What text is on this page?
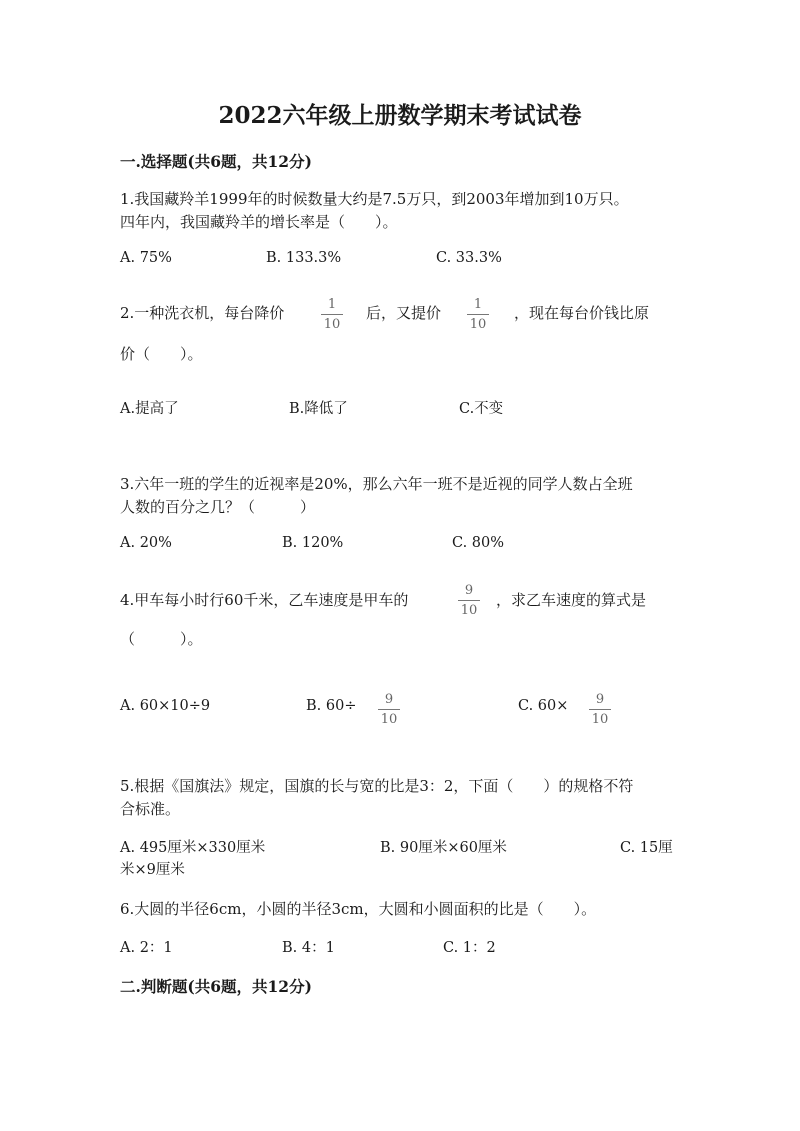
2022六年级上册数学期末考试试卷
一.选择题(共6题，共12分)
1.我国藏羚羊1999年的时候数量大约是7.5万只，到2003年增加到10万只。
四年内，我国藏羚羊的增长率是（　　）。
A. 75%	B. 133.3%	C. 33.3%
2.一种洗衣机，每台降价	1
10
后，又提价	1
10
，现在每台价钱比原
价（　　）。
A.提高了	B.降低了	C.不变
3.六年一班的学生的近视率是20%，那么六年一班不是近视的同学人数占全班
人数的百分之几？（　　　）
A. 20%	B. 120%	C. 80%
4.甲车每小时行60千米，乙车速度是甲车的
9
10
，求乙车速度的算式是
（　　　）。
A. 60×10÷9	B. 60÷	9
10
C. 60×	9
10
5.根据《国旗法》规定，国旗的长与宽的比是3：2，下面（　　）的规格不符
合标准。
A. 495厘米×330厘米	B. 90厘米×60厘米	C. 15厘
米×9厘米
6.大圆的半径6cm，小圆的半径3cm，大圆和小圆面积的比是（　　）。
A. 2：1	B. 4：1	C. 1：2
二.判断题(共6题，共12分)
